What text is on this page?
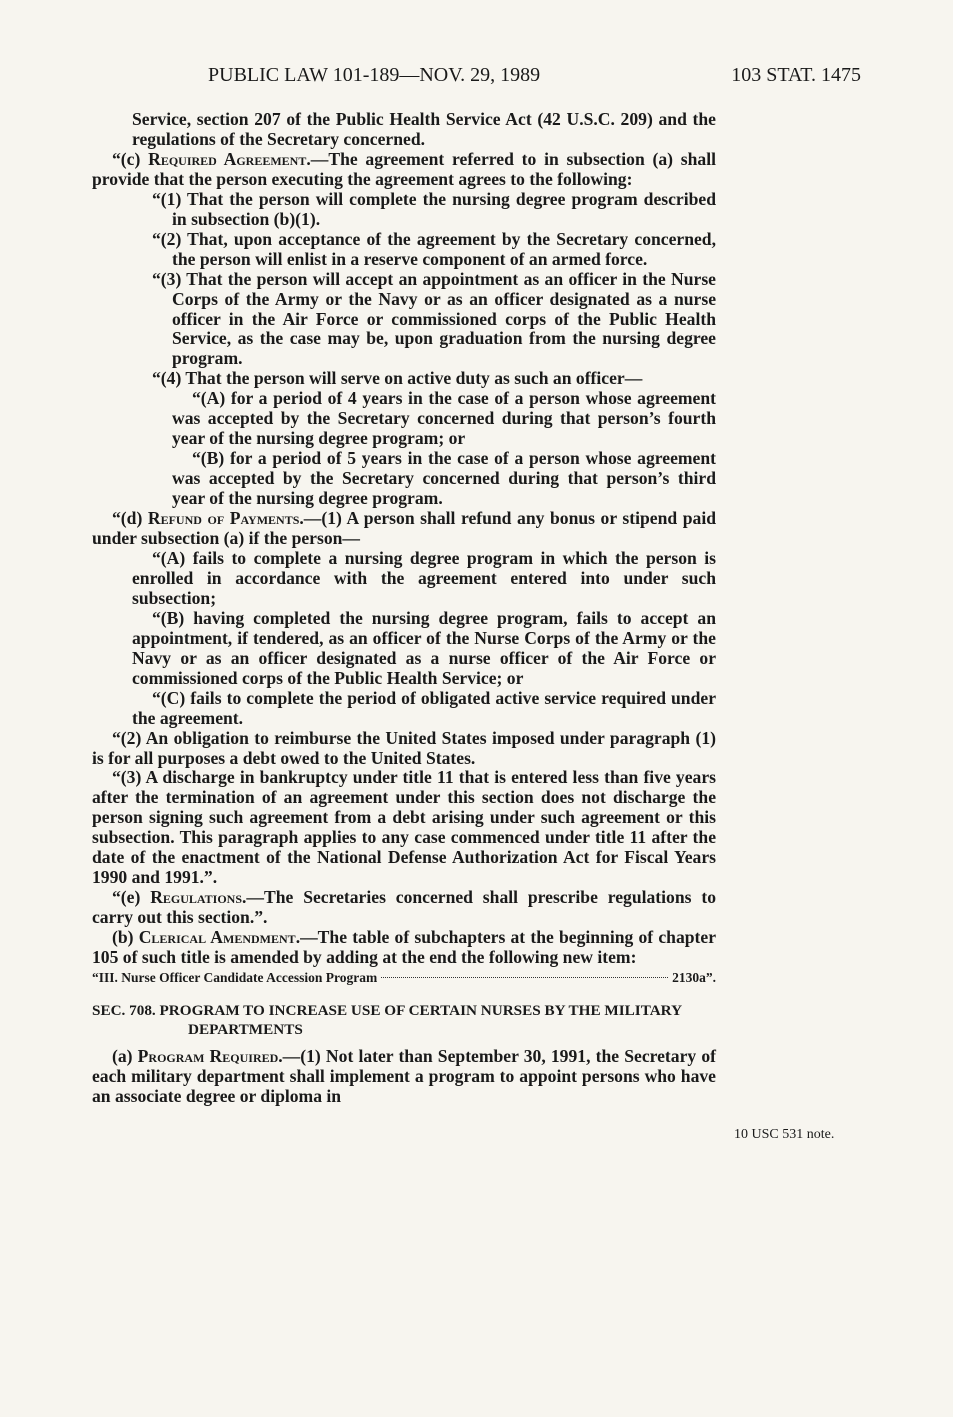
PUBLIC LAW 101-189—NOV. 29, 1989	103 STAT. 1475

Service, section 207 of the Public Health Service Act (42 U.S.C. 209) and the regulations of the Secretary concerned.

“(c) Required Agreement.—The agreement referred to in subsection (a) shall provide that the person executing the agreement agrees to the following:

“(1) That the person will complete the nursing degree program described in subsection (b)(1).

“(2) That, upon acceptance of the agreement by the Secretary concerned, the person will enlist in a reserve component of an armed force.

“(3) That the person will accept an appointment as an officer in the Nurse Corps of the Army or the Navy or as an officer designated as a nurse officer in the Air Force or commissioned corps of the Public Health Service, as the case may be, upon graduation from the nursing degree program.

“(4) That the person will serve on active duty as such an officer—

“(A) for a period of 4 years in the case of a person whose agreement was accepted by the Secretary concerned during that person’s fourth year of the nursing degree program; or

“(B) for a period of 5 years in the case of a person whose agreement was accepted by the Secretary concerned during that person’s third year of the nursing degree program.

“(d) Refund of Payments.—(1) A person shall refund any bonus or stipend paid under subsection (a) if the person—

“(A) fails to complete a nursing degree program in which the person is enrolled in accordance with the agreement entered into under such subsection;

“(B) having completed the nursing degree program, fails to accept an appointment, if tendered, as an officer of the Nurse Corps of the Army or the Navy or as an officer designated as a nurse officer of the Air Force or commissioned corps of the Public Health Service; or

“(C) fails to complete the period of obligated active service required under the agreement.

“(2) An obligation to reimburse the United States imposed under paragraph (1) is for all purposes a debt owed to the United States.

“(3) A discharge in bankruptcy under title 11 that is entered less than five years after the termination of an agreement under this section does not discharge the person signing such agreement from a debt arising under such agreement or this subsection. This paragraph applies to any case commenced under title 11 after the date of the enactment of the National Defense Authorization Act for Fiscal Years 1990 and 1991.”.

“(e) Regulations.—The Secretaries concerned shall prescribe regulations to carry out this section.”.

(b) Clerical Amendment.—The table of subchapters at the beginning of chapter 105 of such title is amended by adding at the end the following new item:

“III. Nurse Officer Candidate Accession Program	2130a”.

SEC. 708. PROGRAM TO INCREASE USE OF CERTAIN NURSES BY THE MILITARY DEPARTMENTS

(a) Program Required.—(1) Not later than September 30, 1991, the Secretary of each military department shall implement a program to appoint persons who have an associate degree or diploma in

10 USC 531 note.
